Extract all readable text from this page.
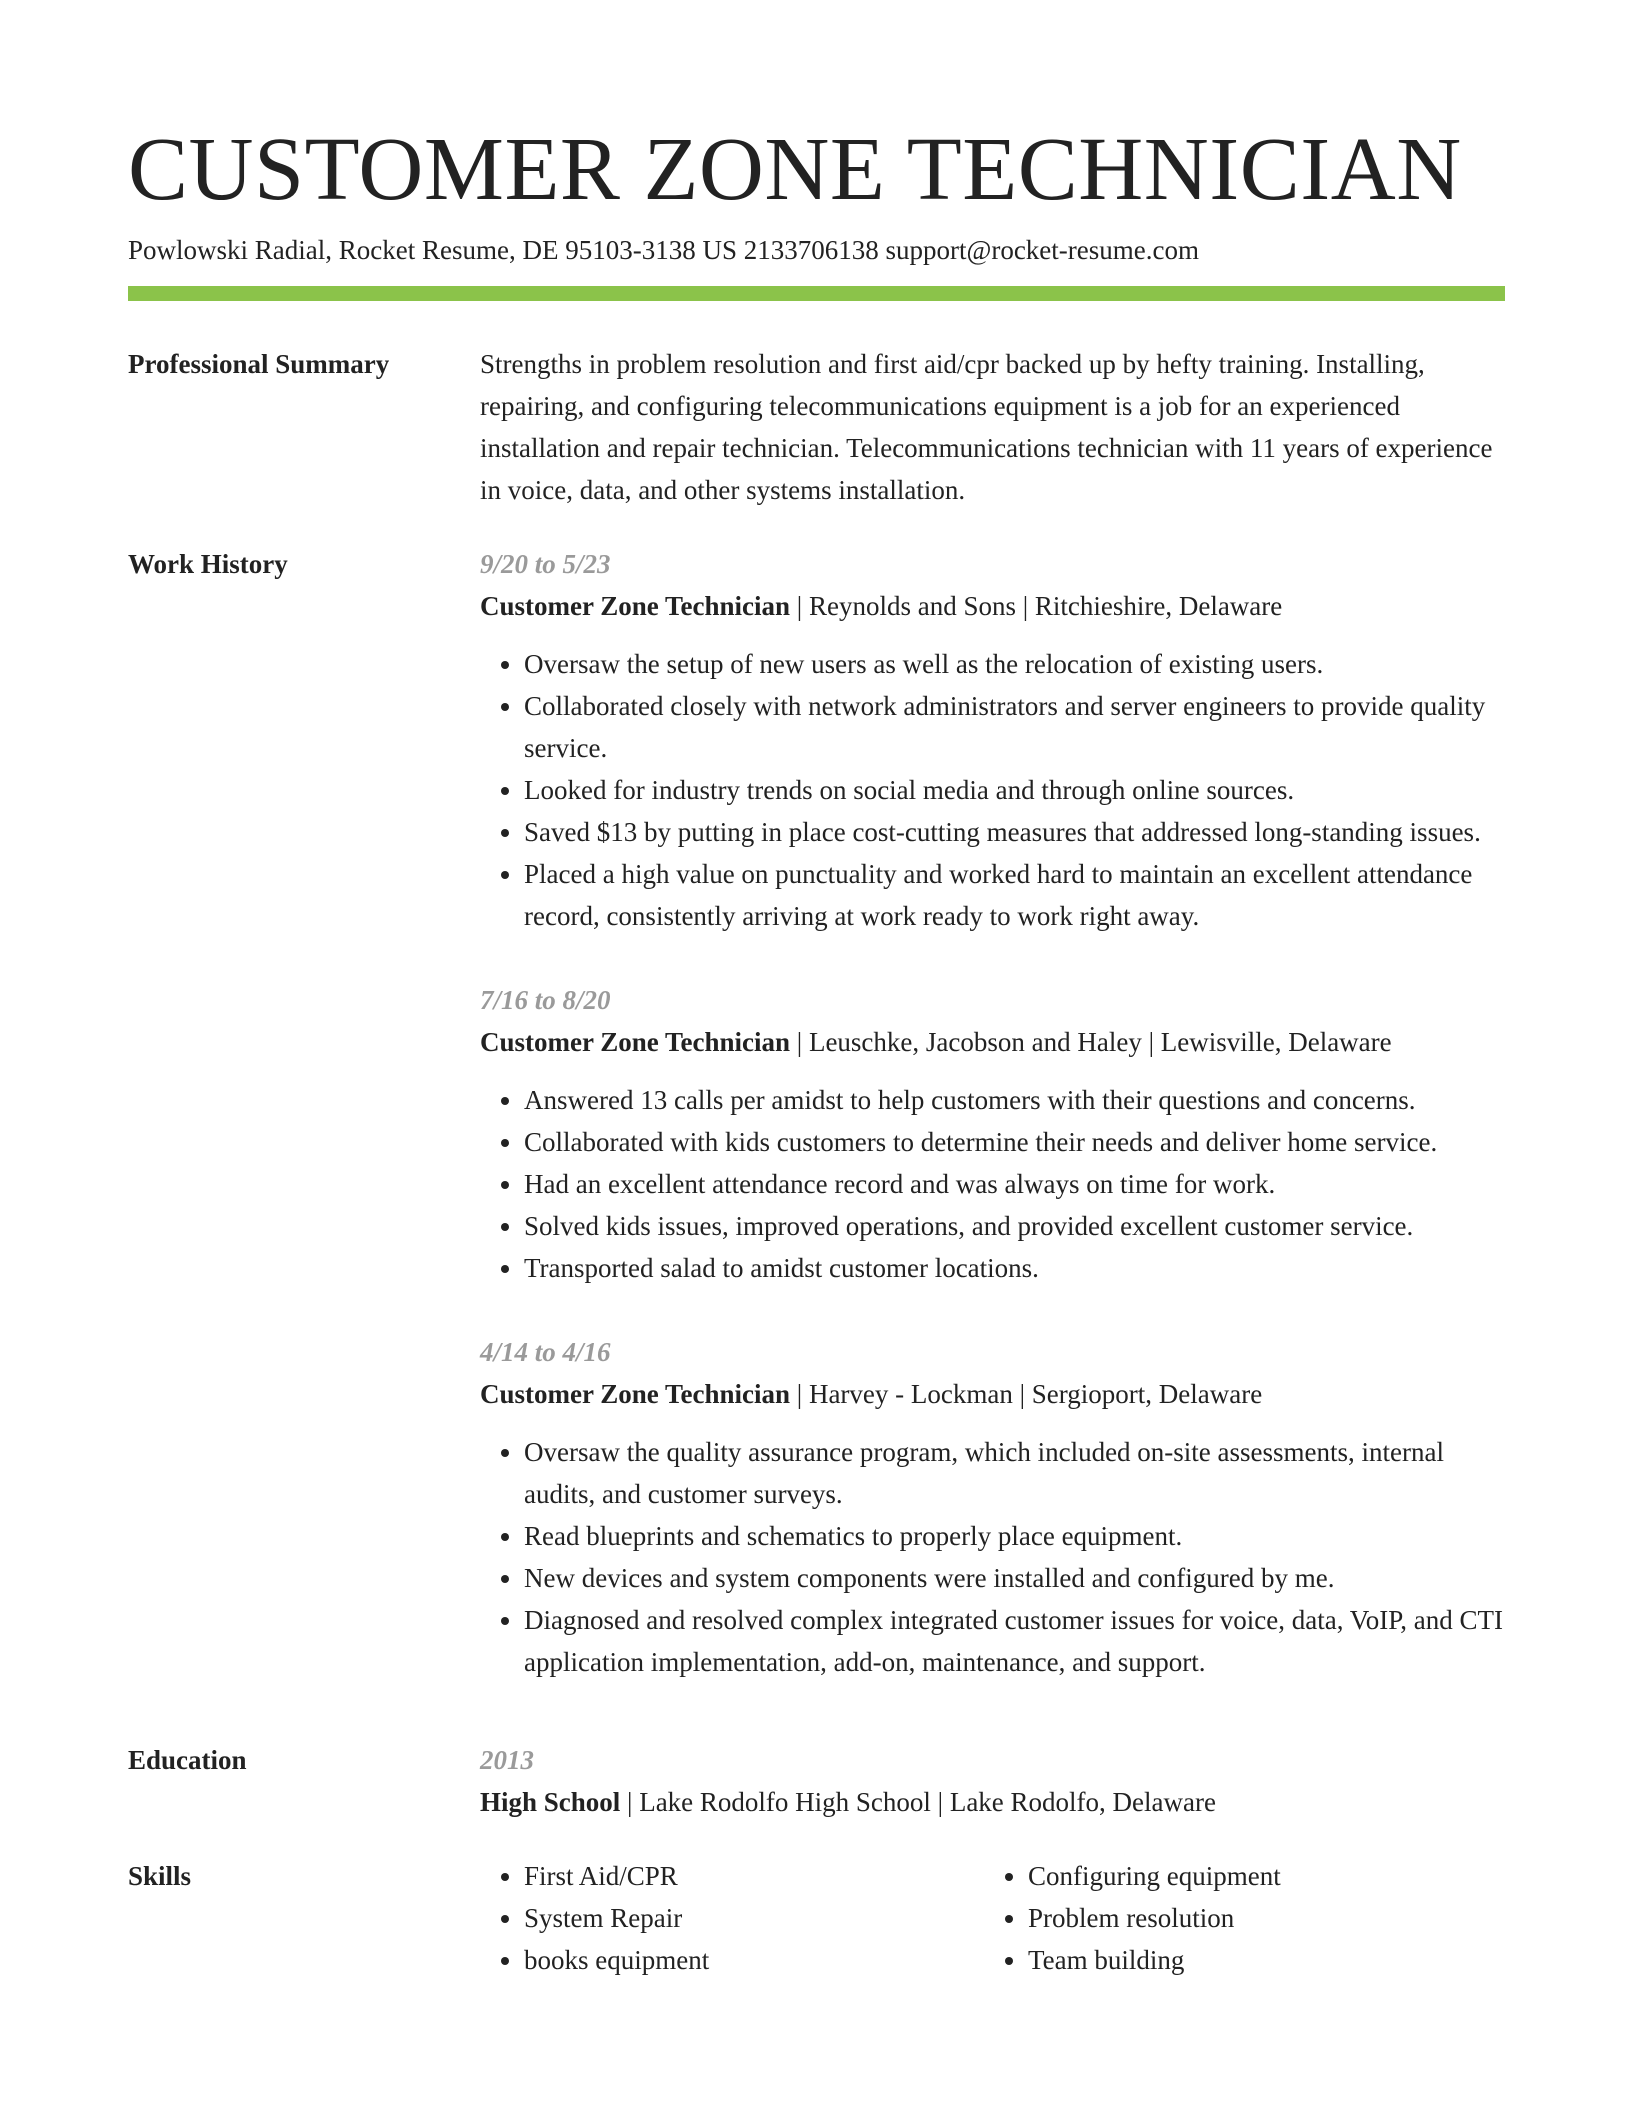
CUSTOMER ZONE TECHNICIAN
Powlowski Radial, Rocket Resume, DE 95103-3138 US 2133706138 support@rocket-resume.com
Professional Summary	Strengths in problem resolution and first aid/cpr backed up by hefty training. Installing, repairing, and configuring telecommunications equipment is a job for an experienced installation and repair technician. Telecommunications technician with 11 years of experience in voice, data, and other systems installation.

Work History	9/20 to 5/23
Customer Zone Technician | Reynolds and Sons | Ritchieshire, Delaware
• Oversaw the setup of new users as well as the relocation of existing users.
• Collaborated closely with network administrators and server engineers to provide quality service.
• Looked for industry trends on social media and through online sources.
• Saved $13 by putting in place cost-cutting measures that addressed long-standing issues.
• Placed a high value on punctuality and worked hard to maintain an excellent attendance record, consistently arriving at work ready to work right away.
7/16 to 8/20
Customer Zone Technician | Leuschke, Jacobson and Haley | Lewisville, Delaware
• Answered 13 calls per amidst to help customers with their questions and concerns.
• Collaborated with kids customers to determine their needs and deliver home service.
• Had an excellent attendance record and was always on time for work.
• Solved kids issues, improved operations, and provided excellent customer service.
• Transported salad to amidst customer locations.
4/14 to 4/16
Customer Zone Technician | Harvey - Lockman | Sergioport, Delaware
• Oversaw the quality assurance program, which included on-site assessments, internal audits, and customer surveys.
• Read blueprints and schematics to properly place equipment.
• New devices and system components were installed and configured by me.
• Diagnosed and resolved complex integrated customer issues for voice, data, VoIP, and CTI application implementation, add-on, maintenance, and support.
Education	2013
High School | Lake Rodolfo High School | Lake Rodolfo, Delaware
Skills
•	First Aid/CPR
• System Repair
• books equipment
• Configuring equipment
• Problem resolution
• Team building
